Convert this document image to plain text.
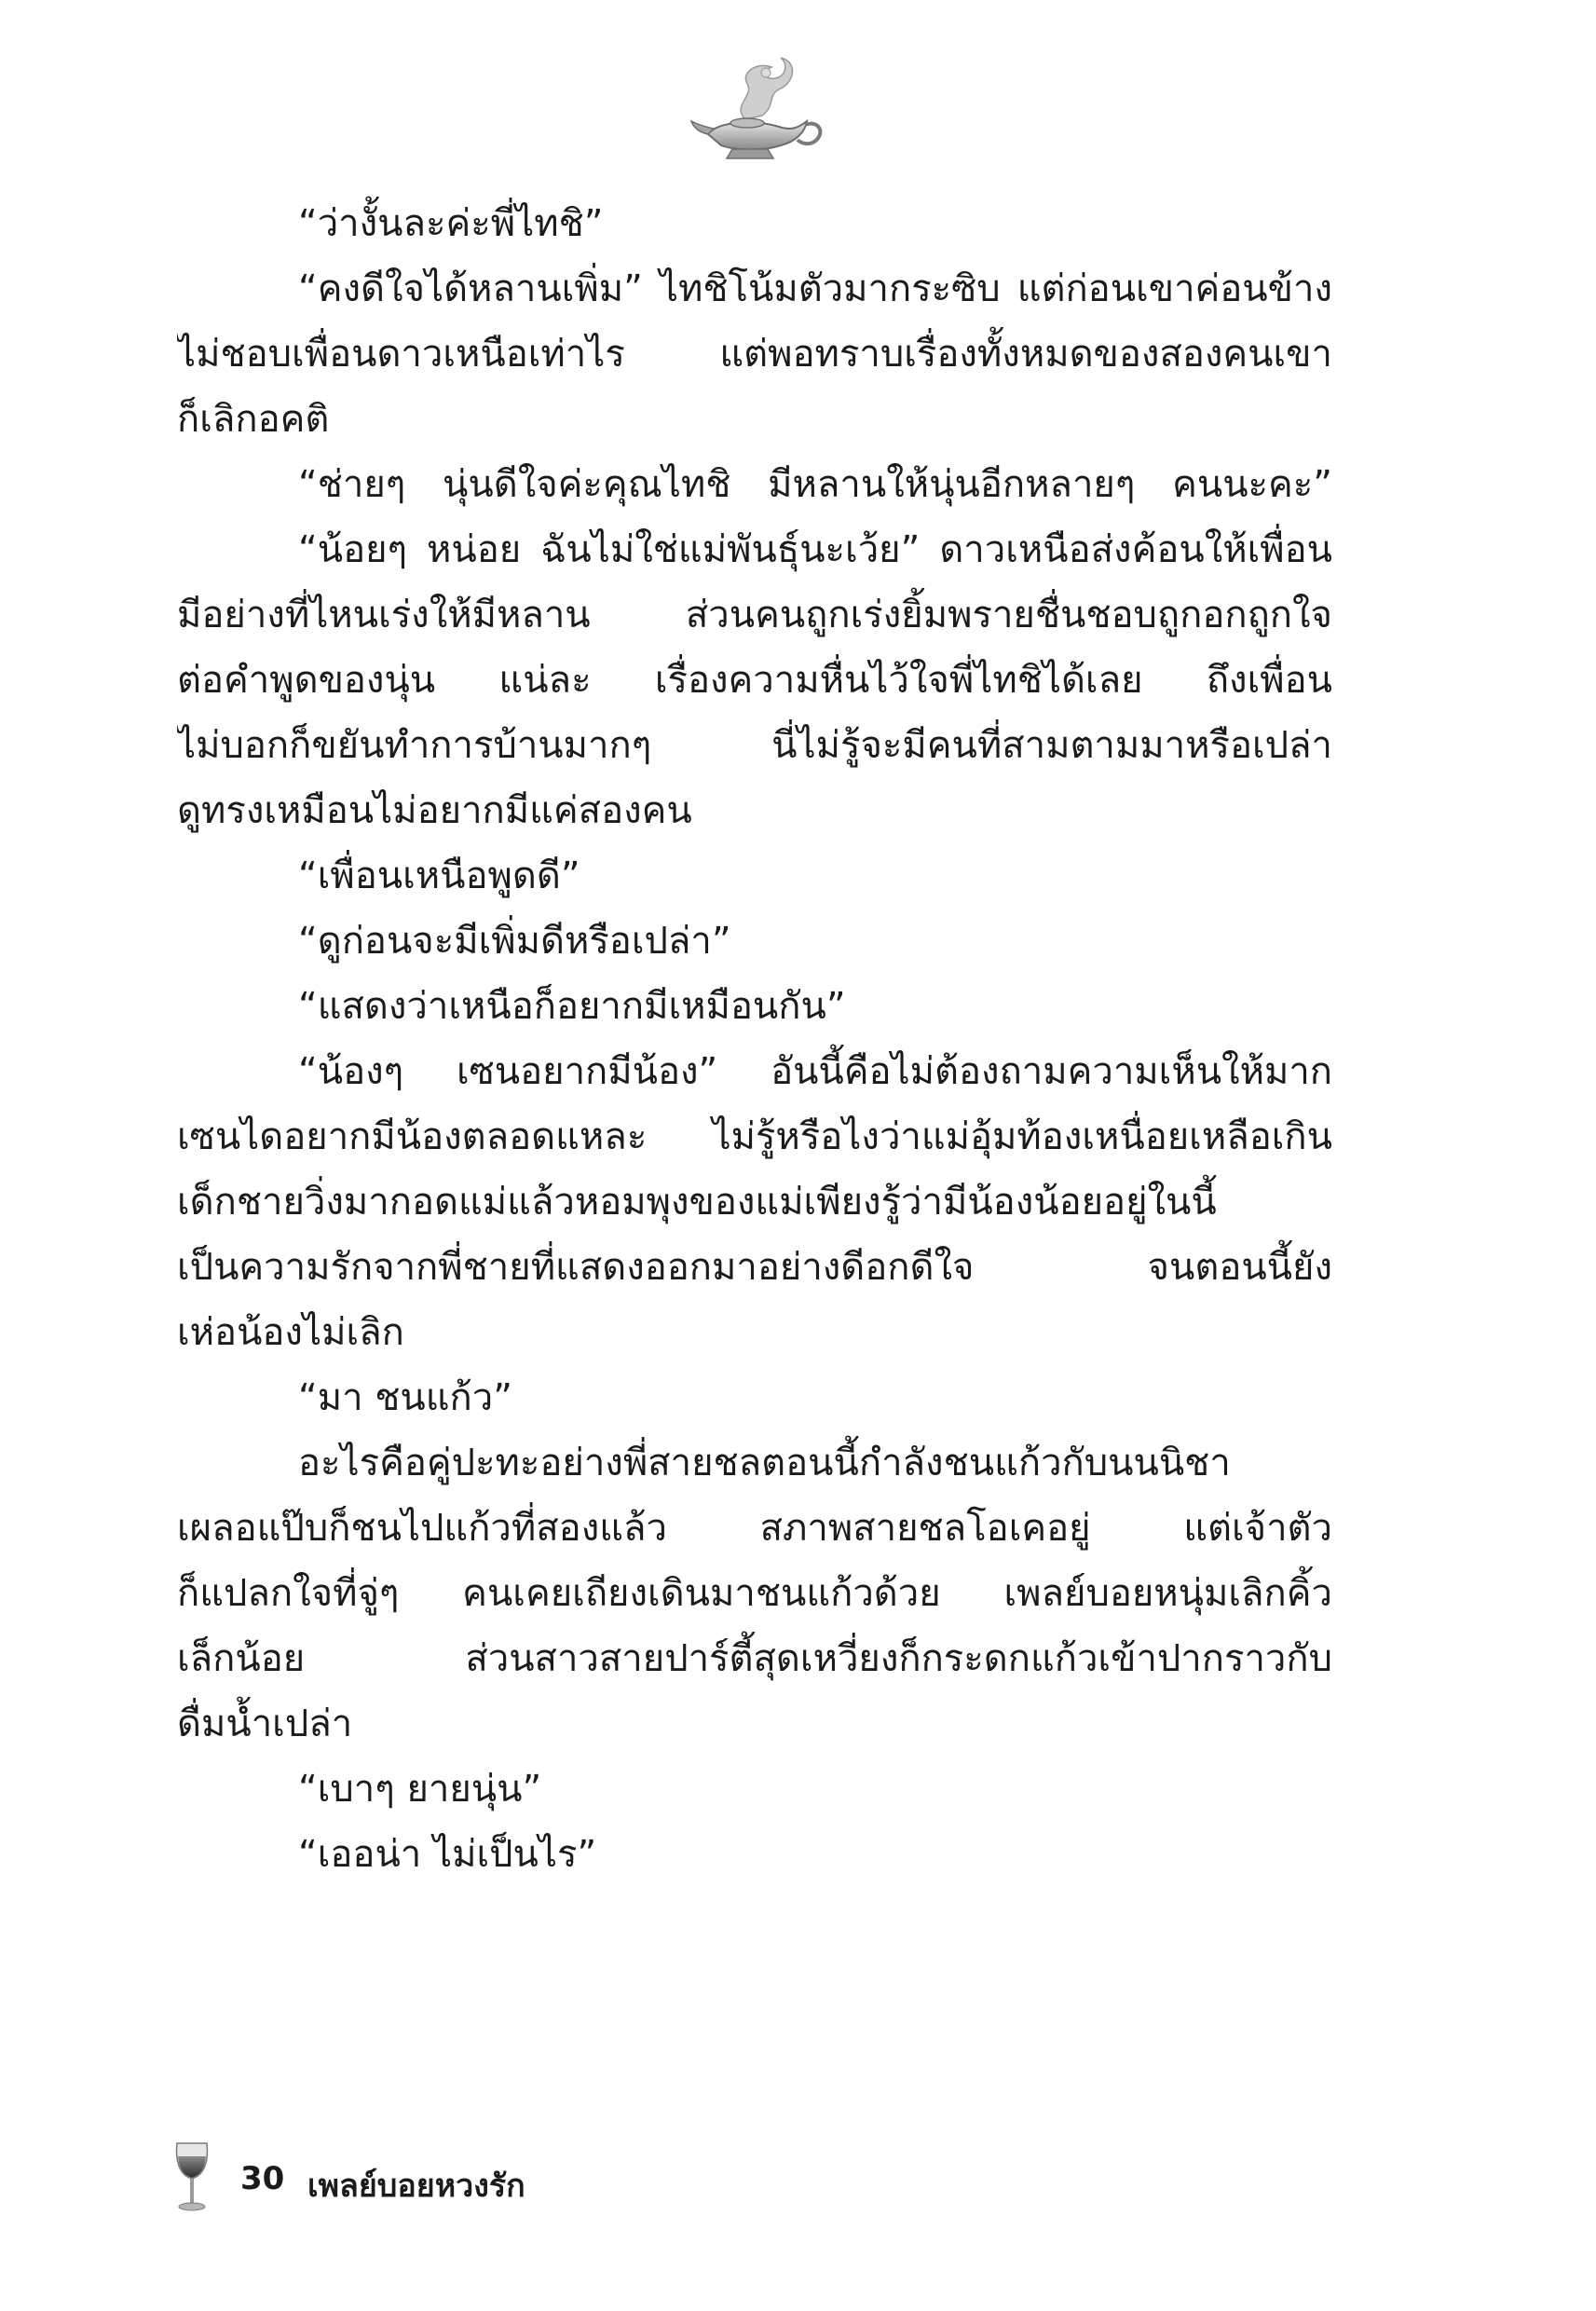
“ว่างั้นละค่ะพี่ไทชิ”
“คงดีใจได้หลานเพิ่ม” ไทชิโน้มตัวมากระซิบ แต่ก่อนเขาค่อนข้าง
ไม่ชอบเพื่อนดาวเหนือเท่าไร แต่พอทราบเรื่องทั้งหมดของสองคนเขา
ก็เลิกอคติ
“ช่ายๆ นุ่นดีใจค่ะคุณไทชิ มีหลานให้นุ่นอีกหลายๆ คนนะคะ”
“น้อยๆ หน่อย ฉันไม่ใช่แม่พันธุ์นะเว้ย” ดาวเหนือส่งค้อนให้เพื่อน
มีอย่างที่ไหนเร่งให้มีหลาน ส่วนคนถูกเร่งยิ้มพรายชื่นชอบถูกอกถูกใจ
ต่อคำพูดของนุ่น แน่ละ เรื่องความหื่นไว้ใจพี่ไทชิได้เลย ถึงเพื่อน
ไม่บอกก็ขยันทำการบ้านมากๆ นี่ไม่รู้จะมีคนที่สามตามมาหรือเปล่า
ดูทรงเหมือนไม่อยากมีแค่สองคน
“เพื่อนเหนือพูดดี”
“ดูก่อนจะมีเพิ่มดีหรือเปล่า”
“แสดงว่าเหนือก็อยากมีเหมือนกัน”
“น้องๆ เซนอยากมีน้อง” อันนี้คือไม่ต้องถามความเห็นให้มาก
เซนไดอยากมีน้องตลอดแหละ ไม่รู้หรือไงว่าแม่อุ้มท้องเหนื่อยเหลือเกิน
เด็กชายวิ่งมากอดแม่แล้วหอมพุงของแม่เพียงรู้ว่ามีน้องน้อยอยู่ในนี้
เป็นความรักจากพี่ชายที่แสดงออกมาอย่างดีอกดีใจ จนตอนนี้ยัง
เห่อน้องไม่เลิก
“มา ชนแก้ว”
อะไรคือคู่ปะทะอย่างพี่สายชลตอนนี้กำลังชนแก้วกับนนนิชา
เผลอแป๊บก็ชนไปแก้วที่สองแล้ว สภาพสายชลโอเคอยู่ แต่เจ้าตัว
ก็แปลกใจที่จู่ๆ คนเคยเถียงเดินมาชนแก้วด้วย เพลย์บอยหนุ่มเลิกคิ้ว
เล็กน้อย ส่วนสาวสายปาร์ตี้สุดเหวี่ยงก็กระดกแก้วเข้าปากราวกับ
ดื่มน้ำเปล่า
“เบาๆ ยายนุ่น”
“เออน่า ไม่เป็นไร”
30 เพลย์บอยหวงรัก
